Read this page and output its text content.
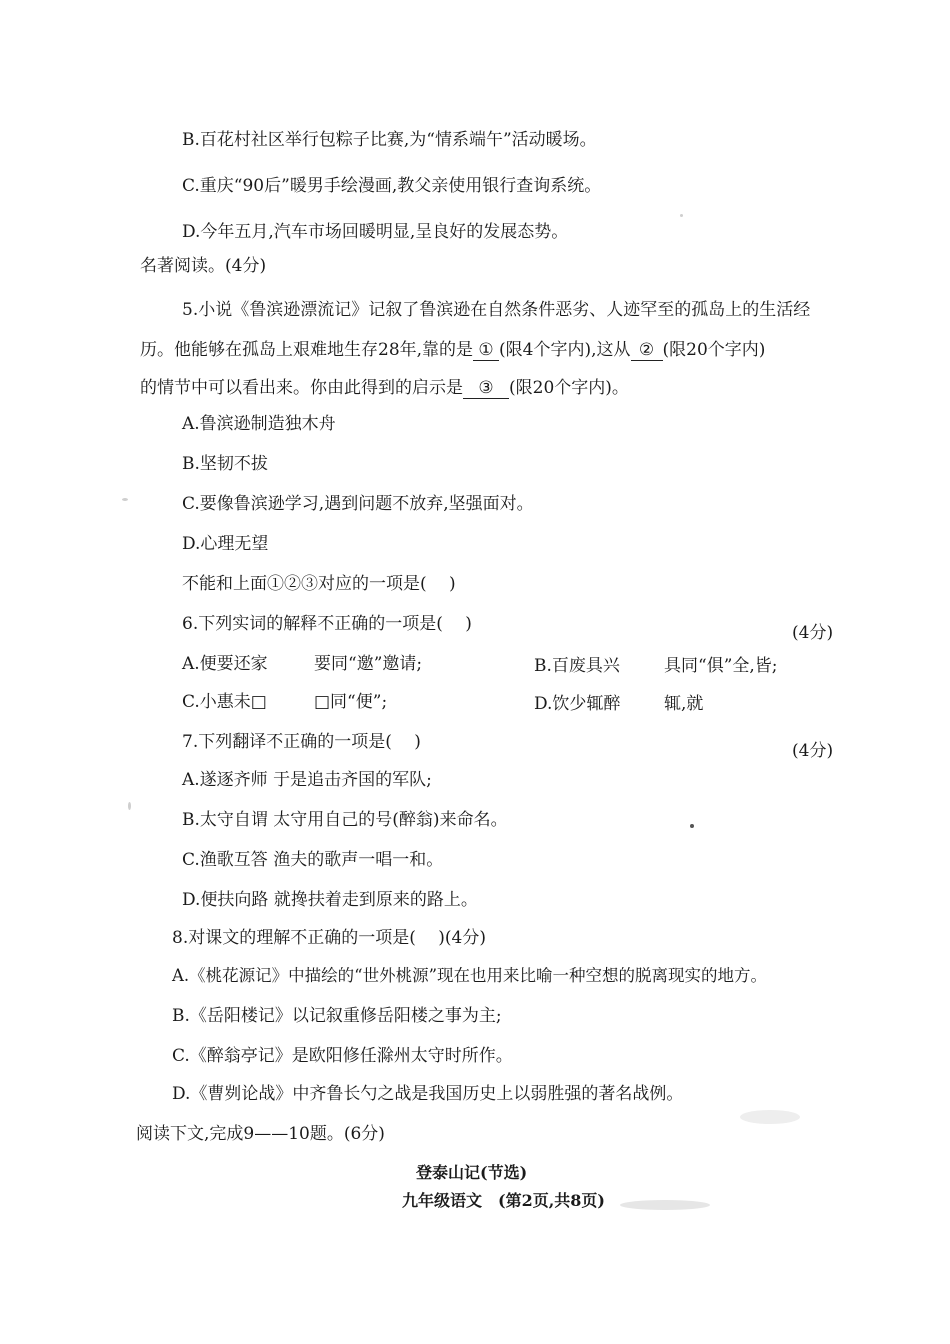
B.百花村社区举行包粽子比赛,为“情系端午”活动暖场。
C.重庆“90后”暖男手绘漫画,教父亲使用银行查询系统。
D.今年五月,汽车市场回暖明显,呈良好的发展态势。
名著阅读。(4分)
5.小说《鲁滨逊漂流记》记叙了鲁滨逊在自然条件恶劣、人迹罕至的孤岛上的生活经
历。他能够在孤岛上艰难地生存28年,靠的是 ① (限4个字内),这从 ② (限20个字内)
的情节中可以看出来。你由此得到的启示是 ③ (限20个字内)。
A.鲁滨逊制造独木舟
B.坚韧不拔
C.要像鲁滨逊学习,遇到问题不放弃,坚强面对。
D.心理无望
不能和上面①②③对应的一项是(　 )
6.下列实词的解释不正确的一项是(　 )	(4分)
A.便要还家	要同“邀”邀请;	B.百废具兴	具同“俱”全,皆;
C.小惠未□	□同“便”;	D.饮少辄醉	辄,就
7.下列翻译不正确的一项是(　 )	(4分)
A.遂逐齐师 于是追击齐国的军队;
B.太守自谓 太守用自己的号(醉翁)来命名。
C.渔歌互答 渔夫的歌声一唱一和。
D.便扶向路 就搀扶着走到原来的路上。
8.对课文的理解不正确的一项是(　 )(4分)
A.《桃花源记》中描绘的“世外桃源”现在也用来比喻一种空想的脱离现实的地方。
B.《岳阳楼记》以记叙重修岳阳楼之事为主;
C.《醉翁亭记》是欧阳修任滁州太守时所作。
D.《曹刿论战》中齐鲁长勺之战是我国历史上以弱胜强的著名战例。
阅读下文,完成9——10题。(6分)
登泰山记(节选)
九年级语文　(第2页,共8页)
